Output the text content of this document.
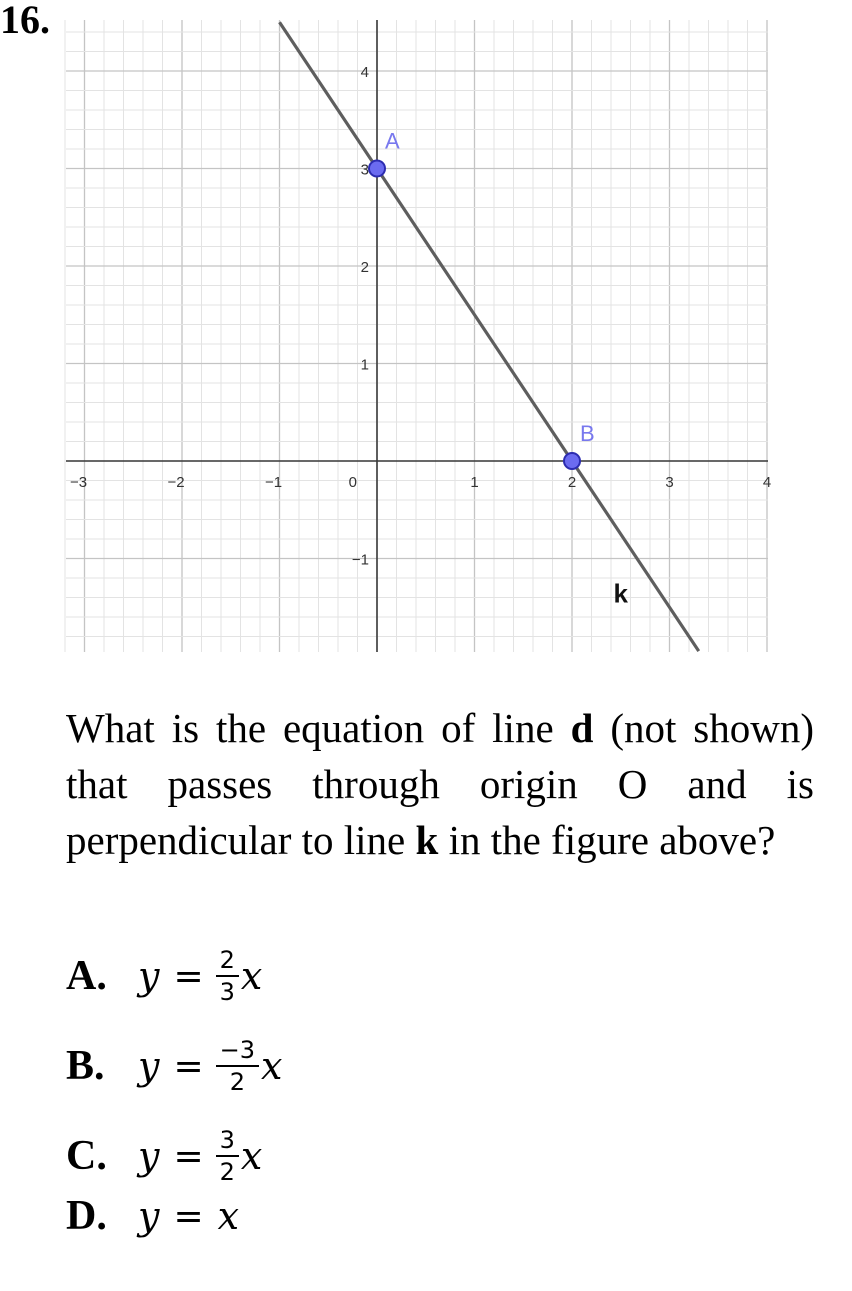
16.
−3	−2	−1	0	1	2	3	4
−1
1
2
3
4
k
A
B
What is the equation of line d (not shown) that passes through origin O and is perpendicular to line k in the figure above?
A. $y = \frac{2}{3}$ x
B. $y = \frac{-3}{2}$ x
C. $y = \frac{3}{2}$ x
D. y = x
